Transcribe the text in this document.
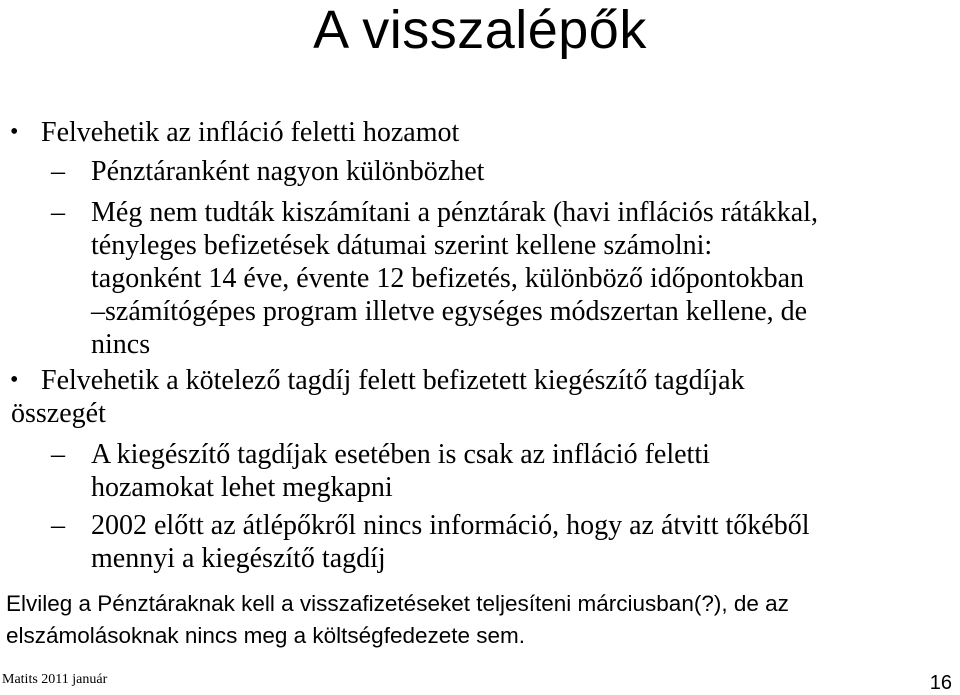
A visszalépők
• Felvehetik az infláció feletti hozamot
– Pénztáranként nagyon különbözhet
– Még nem tudták kiszámítani a pénztárak (havi inflációs rátákkal,
tényleges befizetések dátumai szerint kellene számolni:
tagonként 14 éve, évente 12 befizetés, különböző időpontokban
–számítógépes program illetve egységes módszertan kellene, de
nincs
• Felvehetik a kötelező tagdíj felett befizetett kiegészítő tagdíjak
összegét
– A kiegészítő tagdíjak esetében is csak az infláció feletti
hozamokat lehet megkapni
– 2002 előtt az átlépőkről nincs információ, hogy az átvitt tőkéből
mennyi a kiegészítő tagdíj
Elvileg a Pénztáraknak kell a visszafizetéseket teljesíteni márciusban(?), de az
elszámolásoknak nincs meg a költségfedezete sem.
Matits 2011 január	16
